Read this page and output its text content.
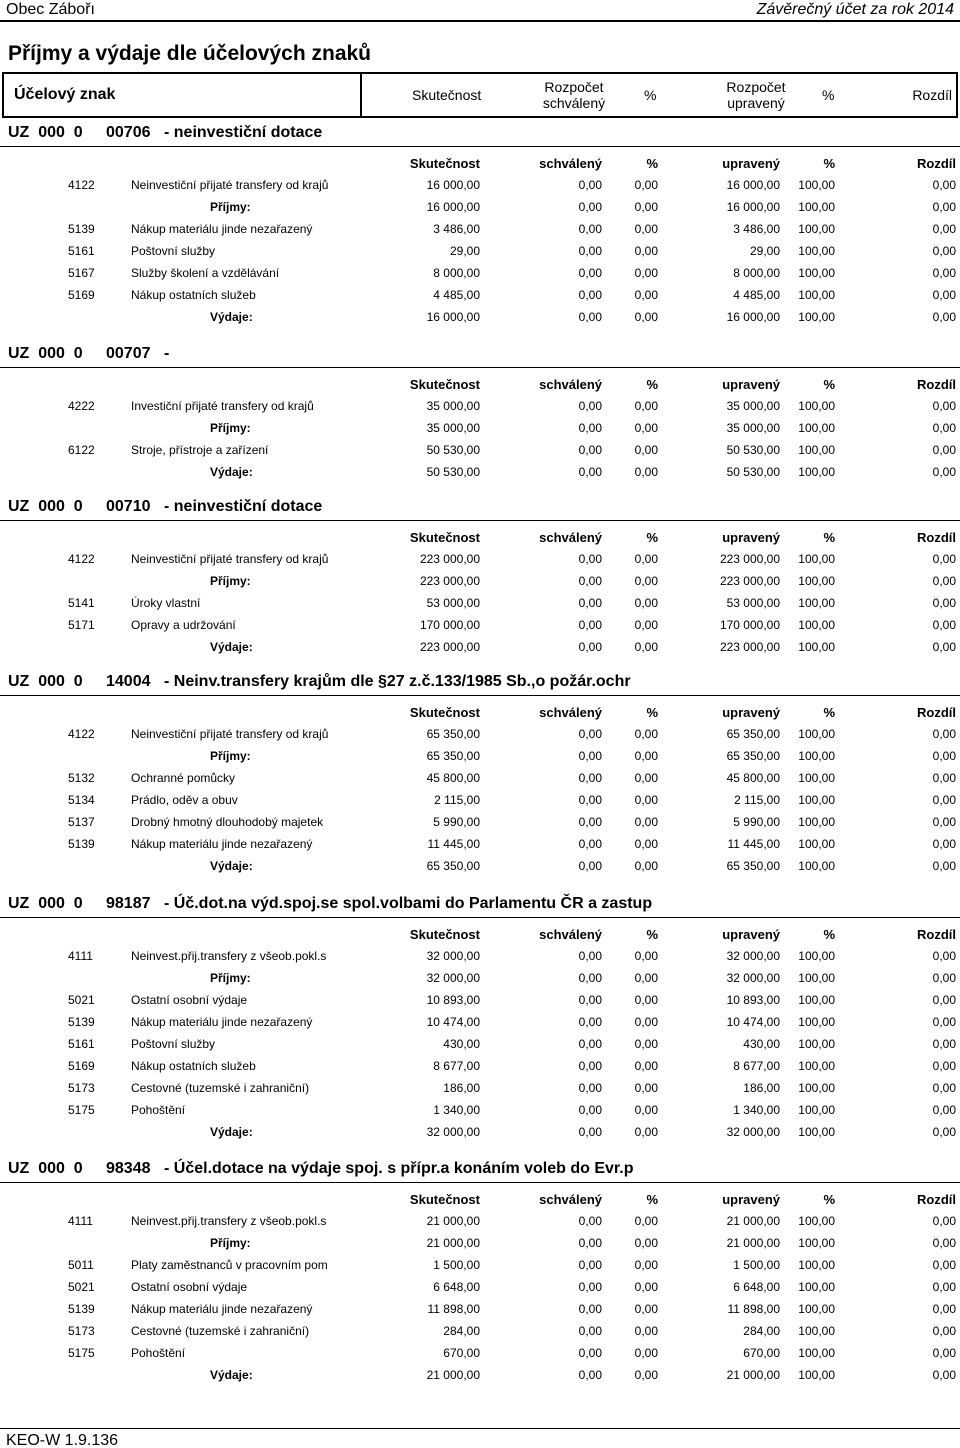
Obec Zábořı	Závěrečný účet za rok 2014
Příjmy a výdaje dle účelových znaků
Účelový znak	Skutečnost	Rozpočet schválený	%	Rozpočet upravený	%	Rozdíl
UZ  000  0 00706 - neinvestiční dotace
Skutečnost	schválený	%	upravený	%	Rozdíl
4122	Neinvestiční přijaté transfery od krajů	16 000,00	0,00	0,00	16 000,00 100,00	0,00
Příjmy:	16 000,00	0,00	0,00	16 000,00 100,00	0,00
5139	Nákup materiálu jinde nezařazený	3 486,00	0,00	0,00	3 486,00 100,00	0,00
5161	Poštovní služby	29,00	0,00	0,00	29,00 100,00	0,00
5167	Služby školení a vzdělávání	8 000,00	0,00	0,00	8 000,00 100,00	0,00
5169	Nákup ostatních služeb	4 485,00	0,00	0,00	4 485,00 100,00	0,00
Výdaje:	16 000,00	0,00	0,00	16 000,00 100,00	0,00
UZ  000  0 00707 -
Skutečnost	schválený	%	upravený	%	Rozdíl
4222	Investiční přijaté transfery od krajů	35 000,00	0,00	0,00	35 000,00 100,00	0,00
Příjmy:	35 000,00	0,00	0,00	35 000,00 100,00	0,00
6122	Stroje, přístroje a zařízení	50 530,00	0,00	0,00	50 530,00 100,00	0,00
Výdaje:	50 530,00	0,00	0,00	50 530,00 100,00	0,00
UZ  000  0 00710 - neinvestiční dotace
Skutečnost	schválený	%	upravený	%	Rozdíl
4122	Neinvestiční přijaté transfery od krajů	223 000,00	0,00	0,00	223 000,00 100,00	0,00
Příjmy:	223 000,00	0,00	0,00	223 000,00 100,00	0,00
5141	Úroky vlastní	53 000,00	0,00	0,00	53 000,00 100,00	0,00
5171	Opravy a udržování	170 000,00	0,00	0,00	170 000,00 100,00	0,00
Výdaje:	223 000,00	0,00	0,00	223 000,00 100,00	0,00
UZ  000  0 14004 - Neinv.transfery krajům dle §27 z.č.133/1985 Sb.,o požár.ochr
Skutečnost	schválený	%	upravený	%	Rozdíl
4122	Neinvestiční přijaté transfery od krajů	65 350,00	0,00	0,00	65 350,00 100,00	0,00
Příjmy:	65 350,00	0,00	0,00	65 350,00 100,00	0,00
5132	Ochranné pomůcky	45 800,00	0,00	0,00	45 800,00 100,00	0,00
5134	Prádlo, oděv a obuv	2 115,00	0,00	0,00	2 115,00 100,00	0,00
5137	Drobný hmotný dlouhodobý majetek	5 990,00	0,00	0,00	5 990,00 100,00	0,00
5139	Nákup materiálu jinde nezařazený	11 445,00	0,00	0,00	11 445,00 100,00	0,00
Výdaje:	65 350,00	0,00	0,00	65 350,00 100,00	0,00
UZ  000  0 98187 - Úč.dot.na výd.spoj.se spol.volbami do Parlamentu ČR a zastup
Skutečnost	schválený	%	upravený	%	Rozdíl
4111	Neinvest.přij.transfery z všeob.pokl.s	32 000,00	0,00	0,00	32 000,00 100,00	0,00
Příjmy:	32 000,00	0,00	0,00	32 000,00 100,00	0,00
5021	Ostatní osobní výdaje	10 893,00	0,00	0,00	10 893,00 100,00	0,00
5139	Nákup materiálu jinde nezařazený	10 474,00	0,00	0,00	10 474,00 100,00	0,00
5161	Poštovní služby	430,00	0,00	0,00	430,00 100,00	0,00
5169	Nákup ostatních služeb	8 677,00	0,00	0,00	8 677,00 100,00	0,00
5173	Cestovné (tuzemské i zahraniční)	186,00	0,00	0,00	186,00 100,00	0,00
5175	Pohoštění	1 340,00	0,00	0,00	1 340,00 100,00	0,00
Výdaje:	32 000,00	0,00	0,00	32 000,00 100,00	0,00
UZ  000  0 98348 - Účel.dotace na výdaje spoj. s přípr.a konáním voleb do Evr.p
Skutečnost	schválený	%	upravený	%	Rozdíl
4111	Neinvest.přij.transfery z všeob.pokl.s	21 000,00	0,00	0,00	21 000,00 100,00	0,00
Příjmy:	21 000,00	0,00	0,00	21 000,00 100,00	0,00
5011	Platy zaměstnanců v pracovním pom	1 500,00	0,00	0,00	1 500,00 100,00	0,00
5021	Ostatní osobní výdaje	6 648,00	0,00	0,00	6 648,00 100,00	0,00
5139	Nákup materiálu jinde nezařazený	11 898,00	0,00	0,00	11 898,00 100,00	0,00
5173	Cestovné (tuzemské i zahraniční)	284,00	0,00	0,00	284,00 100,00	0,00
5175	Pohoštění	670,00	0,00	0,00	670,00 100,00	0,00
Výdaje:	21 000,00	0,00	0,00	21 000,00 100,00	0,00
KEO-W 1.9.136
